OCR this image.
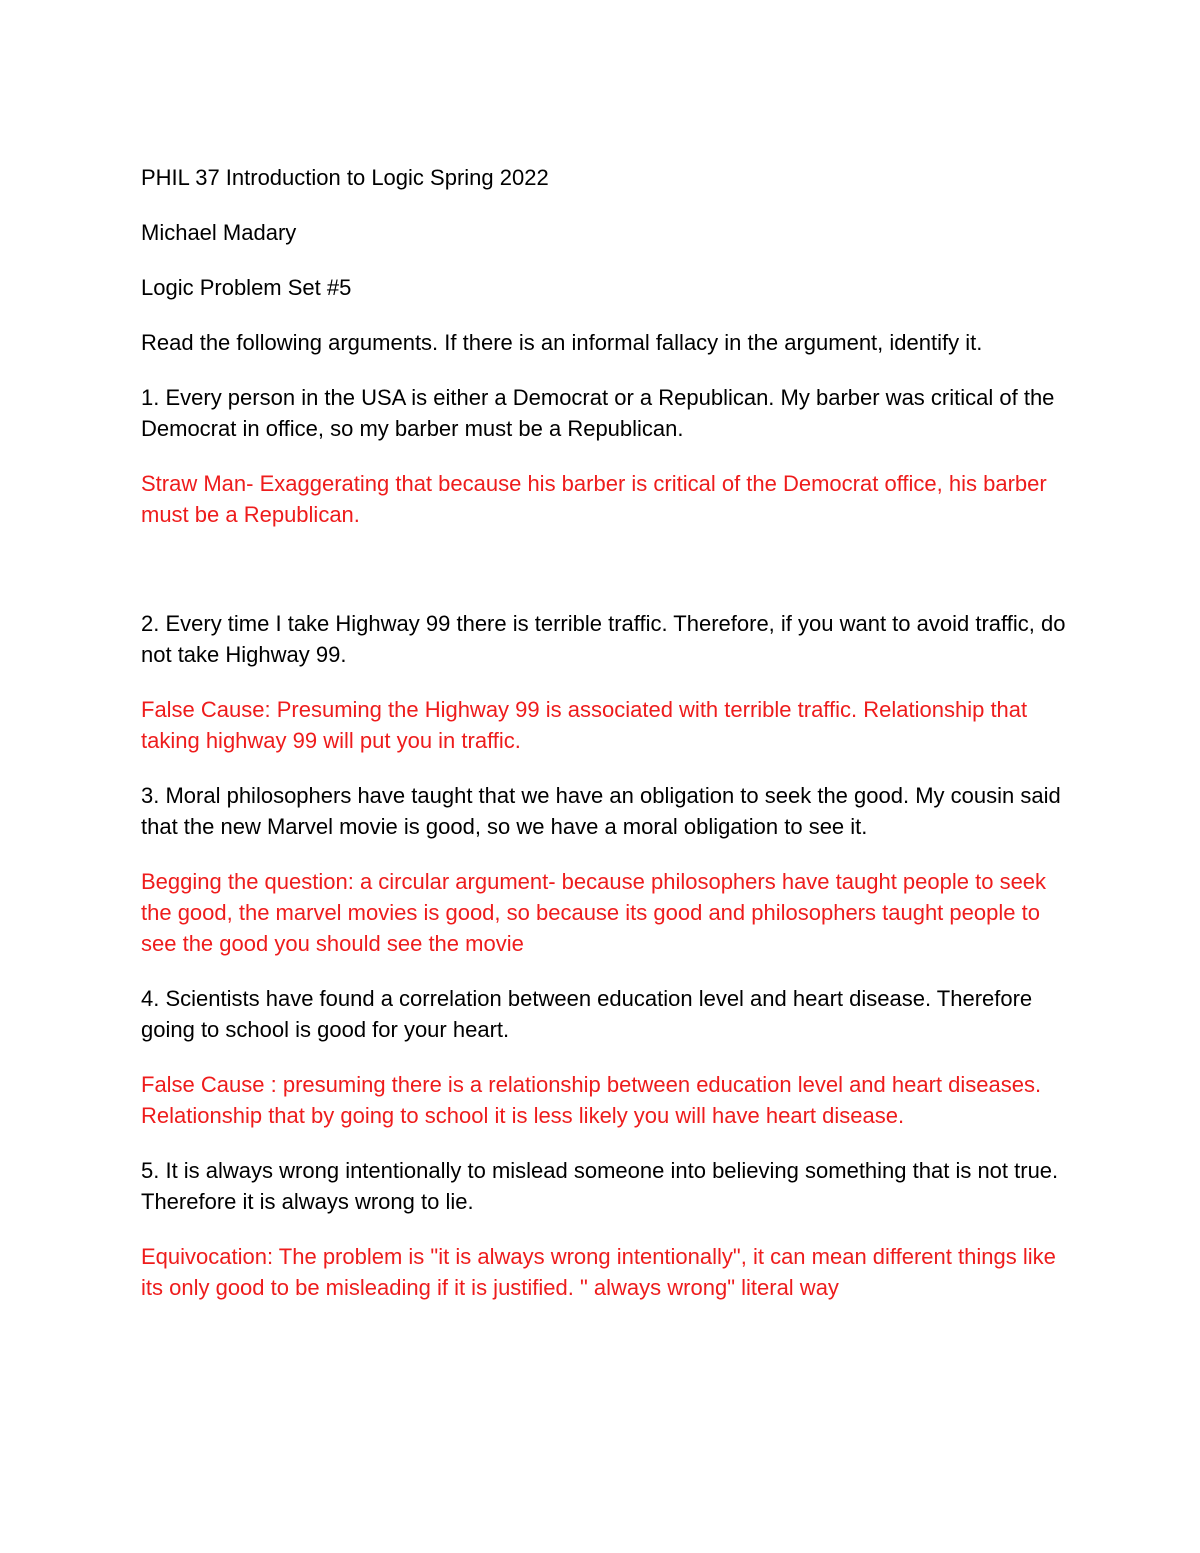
PHIL 37 Introduction to Logic Spring 2022

Michael Madary

Logic Problem Set #5

Read the following arguments. If there is an informal fallacy in the argument, identify it.

1. Every person in the USA is either a Democrat or a Republican. My barber was critical of the Democrat in office, so my barber must be a Republican.

Straw Man- Exaggerating that because his barber is critical of the Democrat office, his barber must be a Republican.

2. Every time I take Highway 99 there is terrible traffic. Therefore, if you want to avoid traffic, do not take Highway 99.

False Cause: Presuming the Highway 99 is associated with terrible traffic. Relationship that taking highway 99 will put you in traffic.

3. Moral philosophers have taught that we have an obligation to seek the good. My cousin said that the new Marvel movie is good, so we have a moral obligation to see it.

Begging the question: a circular argument- because philosophers have taught people to seek the good, the marvel movies is good, so because its good and philosophers taught people to see the good you should see the movie

4. Scientists have found a correlation between education level and heart disease. Therefore going to school is good for your heart.

False Cause : presuming there is a relationship between education level and heart diseases. Relationship that by going to school it is less likely you will have heart disease.

5. It is always wrong intentionally to mislead someone into believing something that is not true. Therefore it is always wrong to lie.

Equivocation: The problem is "it is always wrong intentionally", it can mean different things like its only good to be misleading if it is justified. " always wrong" literal way
